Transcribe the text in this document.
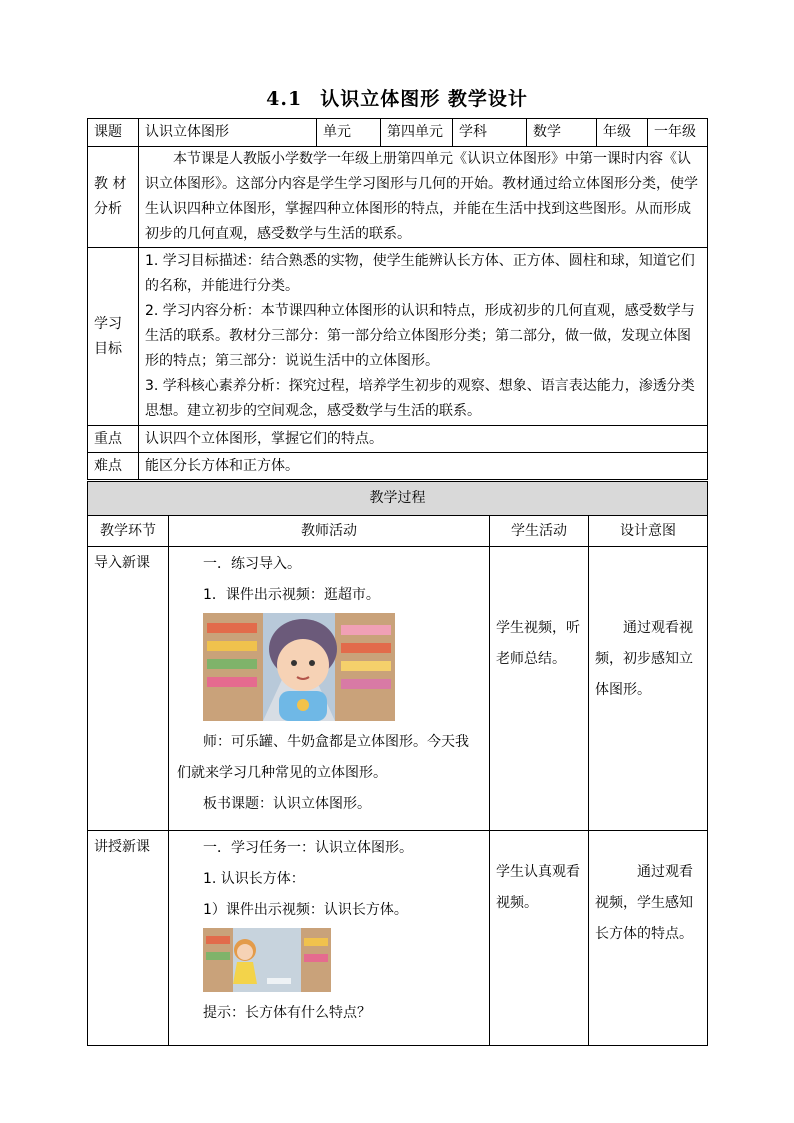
4.1 认识立体图形 教学设计
课题	认识立体图形	单元	第四单元	学科	数学	年级	一年级
教 材 分析	本节课是人教版小学数学一年级上册第四单元《认识立体图形》中第一课时内容《认识立体图形》。这部分内容是学生学习图形与几何的开始。教材通过给立体图形分类，使学生认识四种立体图形，掌握四种立体图形的特点，并能在生活中找到这些图形。从而形成初步的几何直观，感受数学与生活的联系。						

学习 目标	1. 学习目标描述：结合熟悉的实物，使学生能辨认长方体、正方体、圆柱和球，知道它们的名称，并能进行分类。

2. 学习内容分析：本节课四种立体图形的认识和特点，形成初步的几何直观，感受数学与生活的联系。教材分三部分：第一部分给立体图形分类；第二部分，做一做，发现立体图形的特点；第三部分：说说生活中的立体图形。

3. 学科核心素养分析：探究过程，培养学生初步的观察、想象、语言表达能力，渗透分类思想。建立初步的空间观念，感受数学与生活的联系。						

重点	认识四个立体图形，掌握它们的特点。						
难点	能区分长方体和正方体。						
教学过程			
教学环节	教师活动	学生活动	设计意图
导入新课	一．练习导入。
1．课件出示视频：逛超市。
师：可乐罐、牛奶盒都是立体图形。今天我们就来学习几种常见的立体图形。
板书课题：认识立体图形。	学生视频，听老师总结。	通过观看视频，初步感知立体图形。
讲授新课	一．学习任务一：认识立体图形。
1. 认识长方体：
1）课件出示视频：认识长方体。
提示：长方体有什么特点？	学生认真观看视频。	通过观看视频，学生感知长方体的特点。
